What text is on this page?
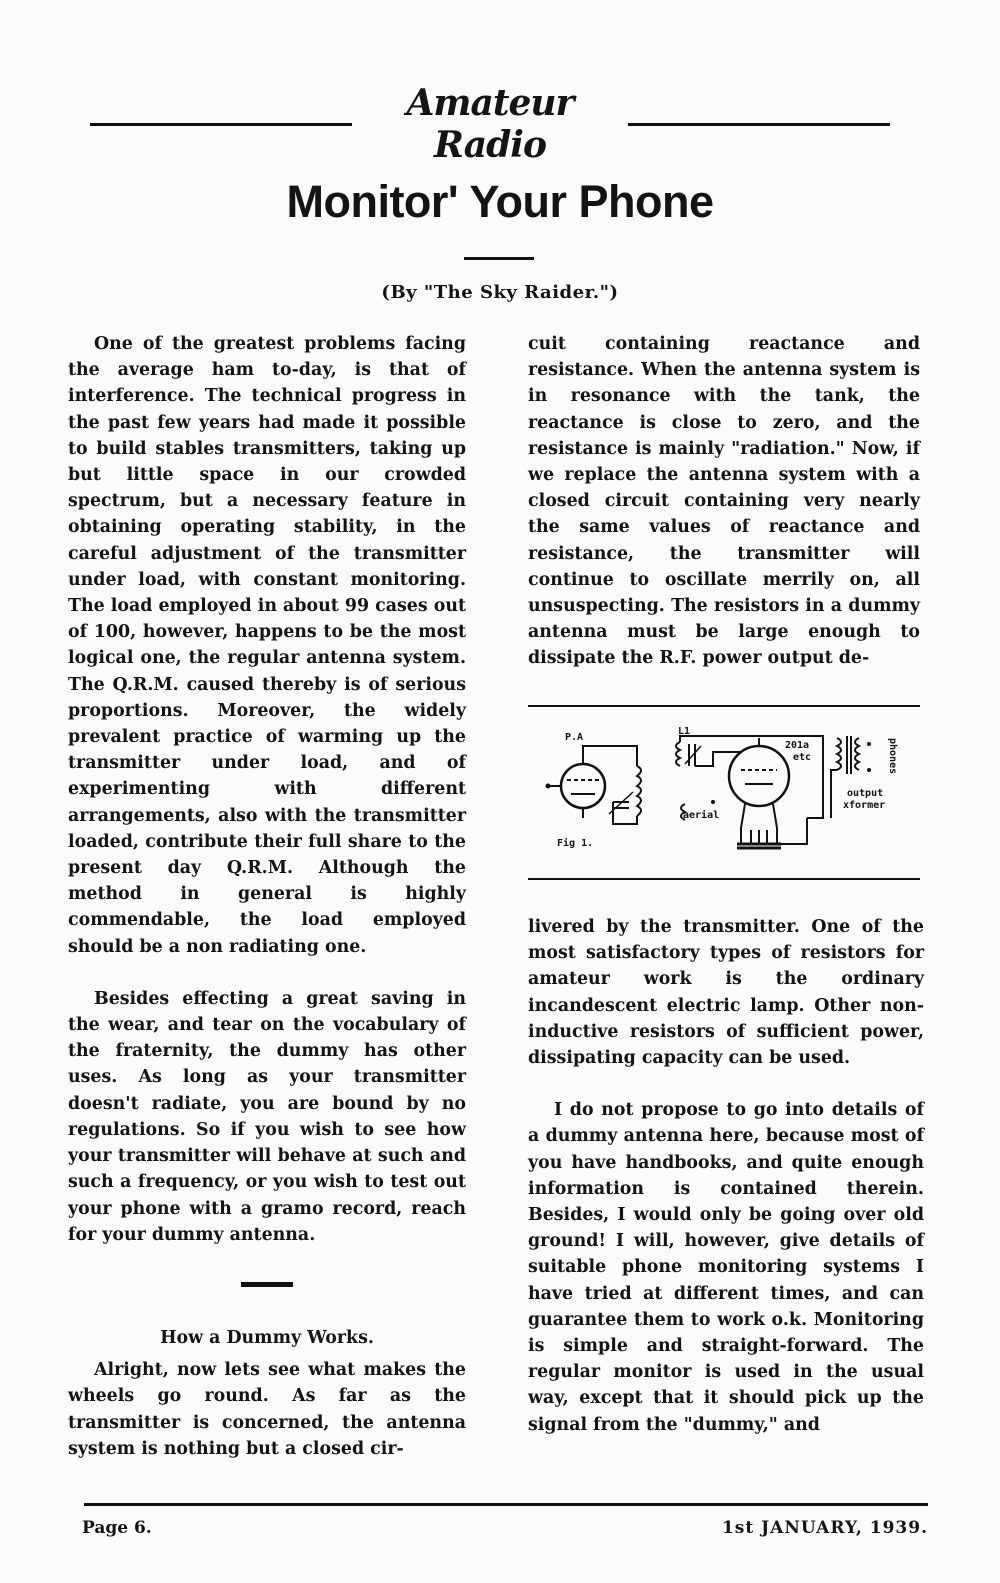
Amateur Radio
Monitor' Your Phone
(By "The Sky Raider.")

One of the greatest problems facing the average ham to-day, is that of interference. The technical progress in the past few years had made it possible to build stables transmitters, taking up but little space in our crowded spectrum, but a necessary feature in obtaining operating stability, in the careful adjustment of the transmitter under load, with constant monitoring. The load employed in about 99 cases out of 100, however, happens to be the most logical one, the regular antenna system. The Q.R.M. caused thereby is of serious proportions. Moreover, the widely prevalent practice of warming up the transmitter under load, and of experimenting with different arrangements, also with the transmitter loaded, contribute their full share to the present day Q.R.M. Although the method in general is highly commendable, the load employed should be a non radiating one.

Besides effecting a great saving in the wear, and tear on the vocabulary of the fraternity, the dummy has other uses. As long as your transmitter doesn't radiate, you are bound by no regulations. So if you wish to see how your transmitter will behave at such and such a frequency, or you wish to test out your phone with a gramo record, reach for your dummy antenna.

How a Dummy Works.

Alright, now lets see what makes the wheels go round. As far as the transmitter is concerned, the antenna system is nothing but a closed cir-

cuit containing reactance and resistance. When the antenna system is in resonance with the tank, the reactance is close to zero, and the resistance is mainly "radiation." Now, if we replace the antenna system with a closed circuit containing very nearly the same values of reactance and resistance, the transmitter will continue to oscillate merrily on, all unsuspecting. The resistors in a dummy antenna must be large enough to dissipate the R.F. power output de-

P.A
L1
201a
etc	phones
output
xformer
aerial
Fig 1.

livered by the transmitter. One of the most satisfactory types of resistors for amateur work is the ordinary incandescent electric lamp. Other non-inductive resistors of sufficient power, dissipating capacity can be used.

I do not propose to go into details of a dummy antenna here, because most of you have handbooks, and quite enough information is contained therein. Besides, I would only be going over old ground! I will, however, give details of suitable phone monitoring systems I have tried at different times, and can guarantee them to work o.k. Monitoring is simple and straight-forward. The regular monitor is used in the usual way, except that it should pick up the signal from the "dummy," and

Page 6.	1st JANUARY, 1939.
